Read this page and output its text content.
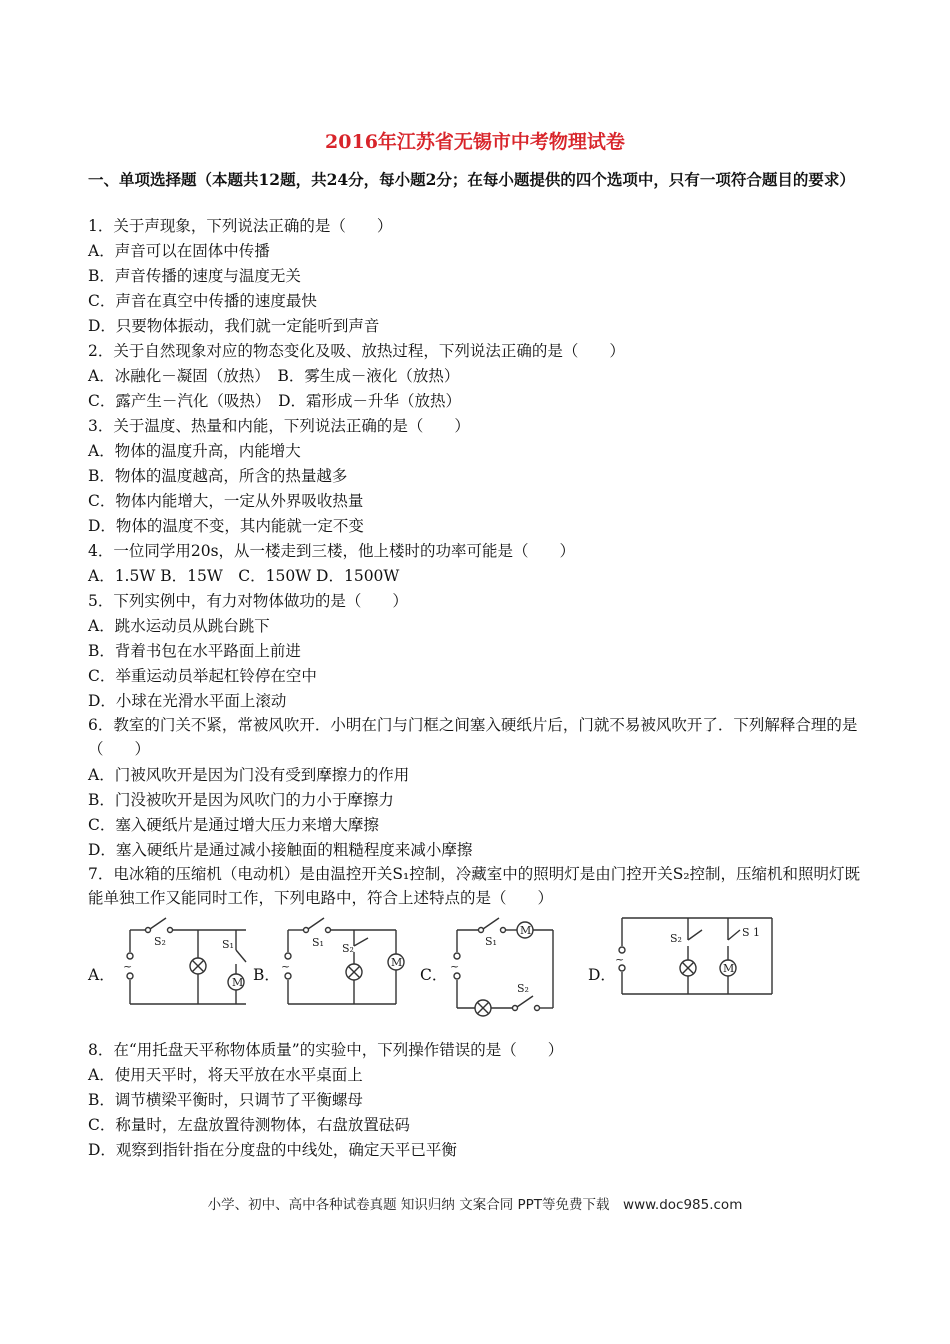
2016年江苏省无锡市中考物理试卷
一、单项选择题（本题共12题，共24分，每小题2分；在每小题提供的四个选项中，只有一项符合题目的要求）
1．关于声现象，下列说法正确的是（　　）
A．声音可以在固体中传播
B．声音传播的速度与温度无关
C．声音在真空中传播的速度最快
D．只要物体振动，我们就一定能听到声音
2．关于自然现象对应的物态变化及吸、放热过程，下列说法正确的是（　　）
A．冰融化－凝固（放热）　B．雾生成－液化（放热）
C．露产生－汽化（吸热）　D．霜形成－升华（放热）
3．关于温度、热量和内能，下列说法正确的是（　　）
A．物体的温度升高，内能增大
B．物体的温度越高，所含的热量越多
C．物体内能增大，一定从外界吸收热量
D．物体的温度不变，其内能就一定不变
4．一位同学用20s，从一楼走到三楼，他上楼时的功率可能是（　　）
A．1.5W B．15W　C．150W D．1500W
5．下列实例中，有力对物体做功的是（　　）
A．跳水运动员从跳台跳下
B．背着书包在水平路面上前进
C．举重运动员举起杠铃停在空中
D．小球在光滑水平面上滚动
6．教室的门关不紧，常被风吹开．小明在门与门框之间塞入硬纸片后，门就不易被风吹开了．下列解释合理的是（　　）
A．门被风吹开是因为门没有受到摩擦力的作用
B．门没被吹开是因为风吹门的力小于摩擦力
C．塞入硬纸片是通过增大压力来增大摩擦
D．塞入硬纸片是通过减小接触面的粗糙程度来减小摩擦
7．电冰箱的压缩机（电动机）是由温控开关S₁控制，冷藏室中的照明灯是由门控开关S₂控制，压缩机和照明灯既能单独工作又能同时工作，下列电路中，符合上述特点的是（　　）
A．	B．	C．	D．
S₂	S₁
M
~
S₁ S₂
M
~
S₁
M
S₂
~
S₂	S 1
M
~
8．在“用托盘天平称物体质量”的实验中，下列操作错误的是（　　）
A．使用天平时，将天平放在水平桌面上
B．调节横梁平衡时，只调节了平衡螺母
C．称量时，左盘放置待测物体，右盘放置砝码
D．观察到指针指在分度盘的中线处，确定天平已平衡
小学、初中、高中各种试卷真题 知识归纳 文案合同 PPT等免费下载　www.doc985.com
